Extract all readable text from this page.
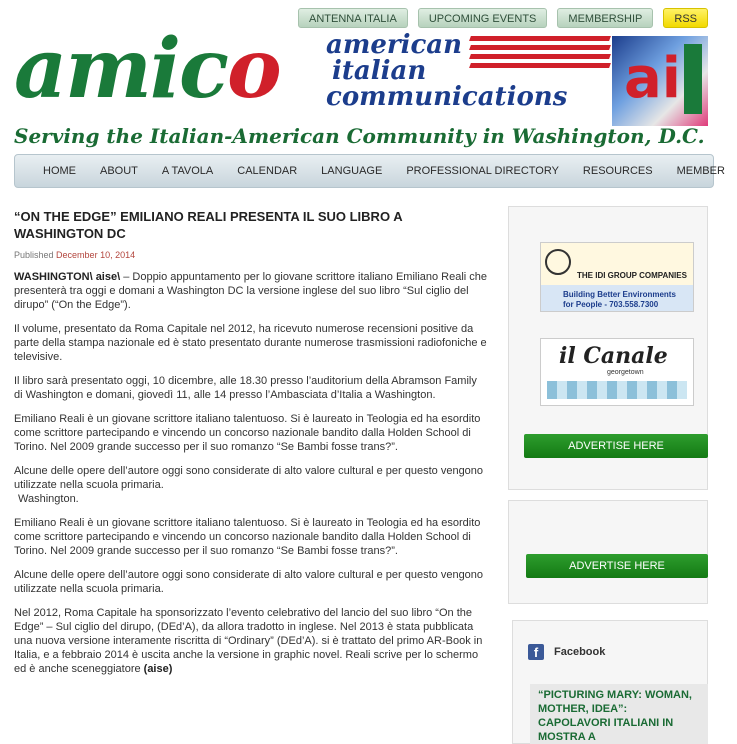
ANTENNA ITALIA	UPCOMING EVENTS	MEMBERSHIP	RSS
amico american
italian
communications ai
Serving the Italian-American Community in Washington, D.C.
HOME	ABOUT	A TAVOLA	CALENDAR	LANGUAGE	PROFESSIONAL DIRECTORY	RESOURCES	MEMBER
“ON THE EDGE” EMILIANO REALI PRESENTA IL SUO LIBRO A WASHINGTON DC
Published December 10, 2014

WASHINGTON\ aise\ – Doppio appuntamento per lo giovane scrittore italiano Emiliano Reali che presenterà tra oggi e domani a Washington DC la versione inglese del suo libro “Sul ciglio del dirupo” (“On the Edge”).

Il volume, presentato da Roma Capitale nel 2012, ha ricevuto numerose recensioni positive da parte della stampa nazionale ed è stato presentato durante numerose trasmissioni radiofoniche e televisive.

Il libro sarà presentato oggi, 10 dicembre, alle 18.30 presso l’auditorium della Abramson Family di Washington e domani, giovedì 11, alle 14 presso l’Ambasciata d’Italia a Washington.

Emiliano Reali è un giovane scrittore italiano talentuoso. Si è laureato in Teologia ed ha esordito come scrittore partecipando e vincendo un concorso nazionale bandito dalla Holden School di Torino. Nel 2009 grande successo per il suo romanzo “Se Bambi fosse trans?”.

Alcune delle opere dell’autore oggi sono considerate di alto valore cultural e per questo vengono utilizzate nella scuola primaria.
Washington.

Emiliano Reali è un giovane scrittore italiano talentuoso. Si è laureato in Teologia ed ha esordito come scrittore partecipando e vincendo un concorso nazionale bandito dalla Holden School di Torino. Nel 2009 grande successo per il suo romanzo “Se Bambi fosse trans?”.

Alcune delle opere dell’autore oggi sono considerate di alto valore cultural e per questo vengono utilizzate nella scuola primaria.

Nel 2012, Roma Capitale ha sponsorizzato l’evento celebrativo del lancio del suo libro “On the Edge” – Sul ciglio del dirupo, (DEd’A), da allora tradotto in inglese. Nel 2013 è stata pubblicata una nuova versione interamente riscritta di “Ordinary” (DEd’A). si è trattato del primo AR-Book in Italia, e a febbraio 2014 è uscita anche la versione in graphic novel. Reali scrive per lo schermo ed è anche sceneggiatore (aise)

THE IDI GROUP COMPANIES
Building Better Environments
for People - 703.558.7300
il Canale
georgetown
ADVERTISE HERE
ADVERTISE HERE
f	Facebook
“PICTURING MARY: WOMAN, MOTHER, IDEA”: CAPOLAVORI ITALIANI IN MOSTRA A
